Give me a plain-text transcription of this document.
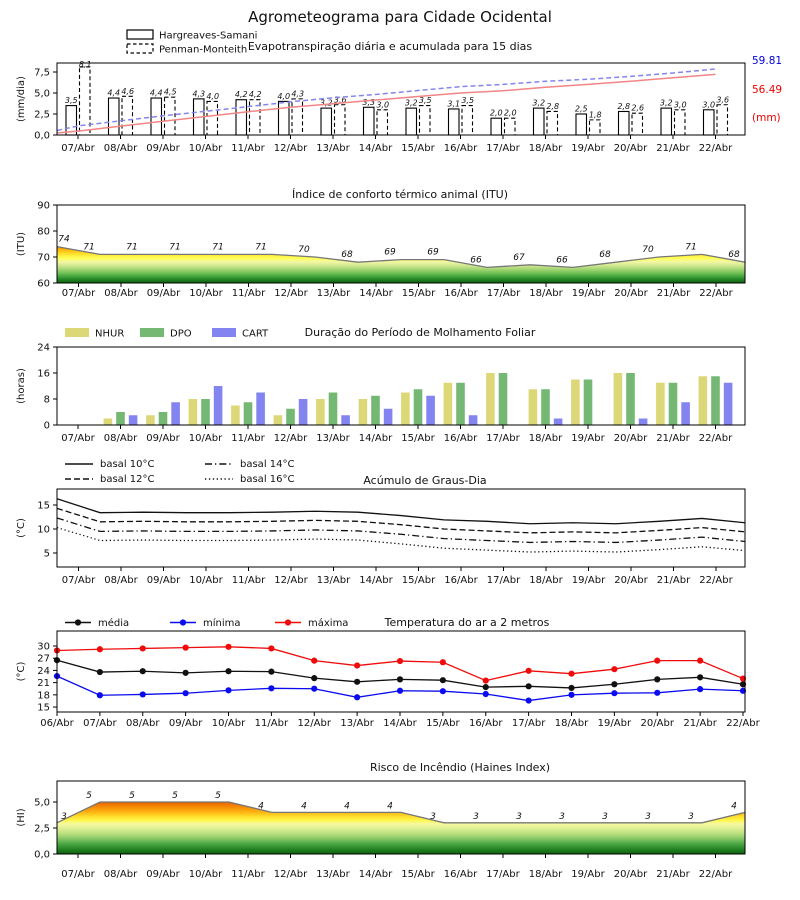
Agrometeograma para Cidade Ocidental
3,5
8,1
4,4 4,6 4,4 4,5 4,3 4,0 4,2 4,2 4,0 4,3
3,2 3,6 3,3 3,0 3,2 3,5 3,1 3,5
2,0 2,0
3,2 2,8 2,5
1,8
2,8 2,6
3,2 3,0 3,0
3,6
59.81
56.49
(mm)
Hargreaves-Samani
Penman-Monteith
0,0
2,5
5,0
7,5
07/Abr 08/Abr 09/Abr 10/Abr 11/Abr 12/Abr 13/Abr 14/Abr 15/Abr 16/Abr 17/Abr 18/Abr 19/Abr 20/Abr 21/Abr 22/Abr
(mm/dia)
Evapotranspiração diária e acumulada para 15 dias
74
71	71	71	71	71	70
68	69	69
66	67	66
68
70	71
68
60
70
80
90
07/Abr 08/Abr 09/Abr 10/Abr 11/Abr 12/Abr 13/Abr 14/Abr 15/Abr 16/Abr 17/Abr 18/Abr 19/Abr 20/Abr 21/Abr 22/Abr
(ITU)
Índice de conforto térmico animal (ITU)
NHUR	DPO	CART
0
8
16
24
07/Abr 08/Abr 09/Abr 10/Abr 11/Abr 12/Abr 13/Abr 14/Abr 15/Abr 16/Abr 17/Abr 18/Abr 19/Abr 20/Abr 21/Abr 22/Abr
(horas)
Duração do Período de Molhamento Foliar
basal 10°C
basal 12°C
basal 14°C
basal 16°C
5
10
15
07/Abr 08/Abr 09/Abr 10/Abr 11/Abr 12/Abr 13/Abr 14/Abr 15/Abr 16/Abr 17/Abr 18/Abr 19/Abr 20/Abr 21/Abr 22/Abr
(°C)
Acúmulo de Graus-Dia
média	mínima	máxima
15
18
21
24
27
30
06/Abr 07/Abr 08/Abr 09/Abr 10/Abr 11/Abr 12/Abr 13/Abr 14/Abr 15/Abr 16/Abr 17/Abr 18/Abr 19/Abr 20/Abr 21/Abr 22/Abr
(°C)
Temperatura do ar a 2 metros
3
5	5	5	5
4	4	4	4
3	3	3	3	3	3	3
4
0,0
2,5
5,0
07/Abr 08/Abr 09/Abr 10/Abr 11/Abr 12/Abr 13/Abr 14/Abr 15/Abr 16/Abr 17/Abr 18/Abr 19/Abr 20/Abr 21/Abr 22/Abr
(HI)
Risco de Incêndio (Haines Index)
